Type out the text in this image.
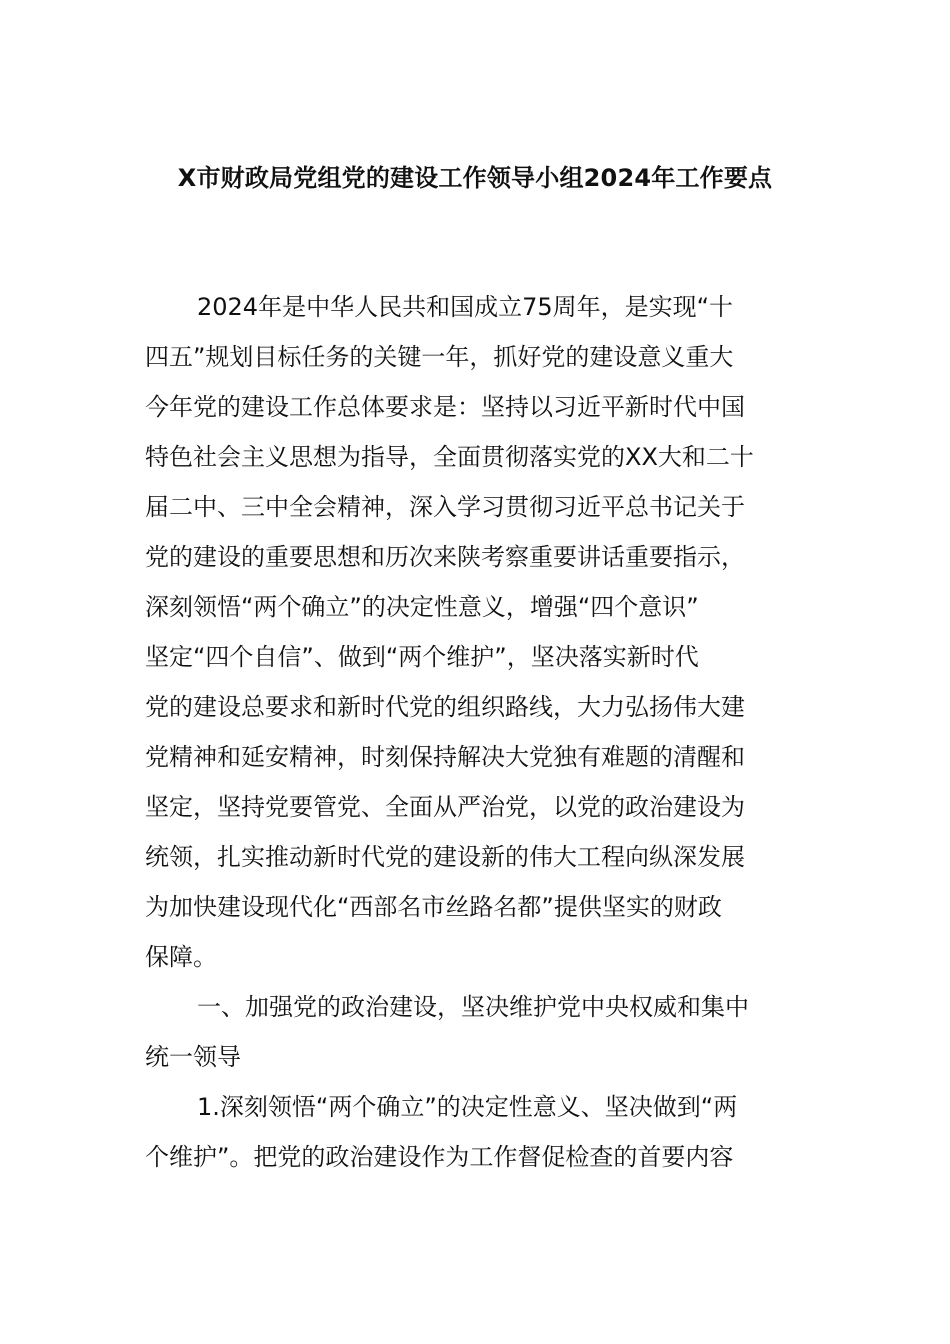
X市财政局党组党的建设工作领导小组2024年工作要点
2024年是中华人民共和国成立75周年，是实现“十
四五”规划目标任务的关键一年，抓好党的建设意义重大
今年党的建设工作总体要求是：坚持以习近平新时代中国
特色社会主义思想为指导，全面贯彻落实党的XX大和二十
届二中、三中全会精神，深入学习贯彻习近平总书记关于
党的建设的重要思想和历次来陕考察重要讲话重要指示，
深刻领悟“两个确立”的决定性意义，增强“四个意识”
坚定“四个自信”、做到“两个维护”，坚决落实新时代
党的建设总要求和新时代党的组织路线，大力弘扬伟大建
党精神和延安精神，时刻保持解决大党独有难题的清醒和
坚定，坚持党要管党、全面从严治党，以党的政治建设为
统领，扎实推动新时代党的建设新的伟大工程向纵深发展
为加快建设现代化“西部名市丝路名都”提供坚实的财政
保障。
一、加强党的政治建设，坚决维护党中央权威和集中
统一领导
1.深刻领悟“两个确立”的决定性意义、坚决做到“两
个维护”。把党的政治建设作为工作督促检查的首要内容
